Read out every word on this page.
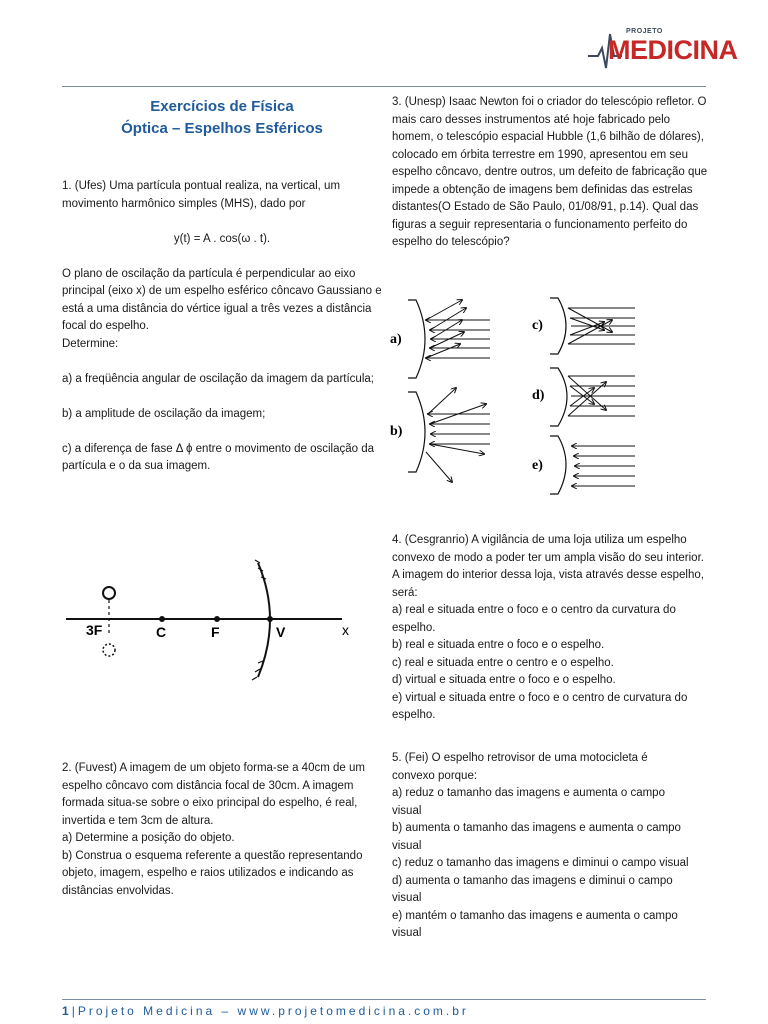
PROJETO
MEDICINA
Exercícios de Física
Óptica – Espelhos Esféricos

1. (Ufes) Uma partícula pontual realiza, na vertical, um movimento harmônico simples (MHS), dado por

y(t) = A . cos(ω . t).

O plano de oscilação da partícula é perpendicular ao eixo principal (eixo x) de um espelho esférico côncavo Gaussiano e está a uma distância do vértice igual a três vezes a distância focal do espelho.

Determine:

a) a freqüência angular de oscilação da imagem da partícula;

b) a amplitude de oscilação da imagem;

c) a diferença de fase Δ ϕ entre o movimento de oscilação da partícula e o da sua imagem.

3F	C	F	V	x

2. (Fuvest) A imagem de um objeto forma-se a 40cm de um espelho côncavo com distância focal de 30cm. A imagem formada situa-se sobre o eixo principal do espelho, é real, invertida e tem 3cm de altura.

a) Determine a posição do objeto.

b) Construa o esquema referente a questão representando objeto, imagem, espelho e raios utilizados e indicando as distâncias envolvidas.

3. (Unesp) Isaac Newton foi o criador do telescópio refletor. O mais caro desses instrumentos até hoje fabricado pelo homem, o telescópio espacial Hubble (1,6 bilhão de dólares), colocado em órbita terrestre em 1990, apresentou em seu espelho côncavo, dentre outros, um defeito de fabricação que impede a obtenção de imagens bem definidas das estrelas distantes(O Estado de São Paulo, 01/08/91, p.14). Qual das figuras a seguir representaria o funcionamento perfeito do espelho do telescópio?

a)
b)
c)
d)
e)

4. (Cesgranrio) A vigilância de uma loja utiliza um espelho convexo de modo a poder ter um ampla visão do seu interior. A imagem do interior dessa loja, vista através desse espelho, será:

a) real e situada entre o foco e o centro da curvatura do espelho.

b) real e situada entre o foco e o espelho.

c) real e situada entre o centro e o espelho.

d) virtual e situada entre o foco e o espelho.

e) virtual e situada entre o foco e o centro de curvatura do espelho.

5. (Fei) O espelho retrovisor de uma motocicleta é convexo porque:

a) reduz o tamanho das imagens e aumenta o campo visual

b) aumenta o tamanho das imagens e aumenta o campo visual

c) reduz o tamanho das imagens e diminui o campo visual

d) aumenta o tamanho das imagens e diminui o campo visual

e) mantém o tamanho das imagens e aumenta o campo visual

1|Projeto Medicina – www.projetomedicina.com.br
